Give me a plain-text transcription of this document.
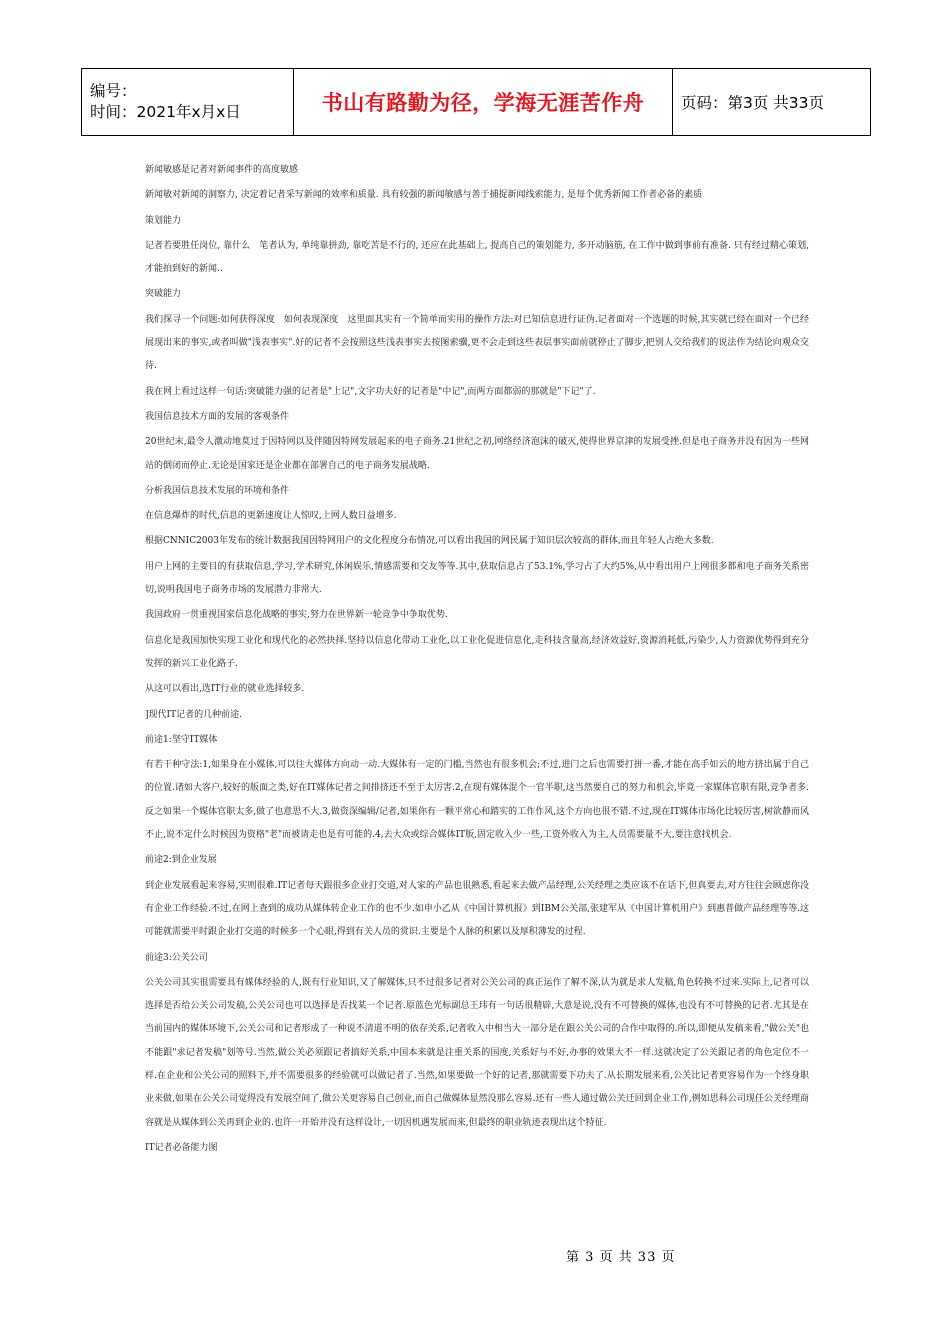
编号：
时间：2021年x月x日	书山有路勤为径，学海无涯苦作舟	页码：第3页 共33页

新闻敏感是记者对新闻事件的高度敏感

新闻敏对新闻的洞察力, 决定着记者采写新闻的效率和质量. 具有较强的新闻敏感与善于捕捉新闻线索能力, 是每个优秀新闻工作者必备的素质

策划能力

记者若要胜任岗位, 靠什么　笔者认为, 单纯靠拼劲, 靠吃苦是不行的, 还应在此基础上, 提高自己的策划能力, 多开动脑筋, 在工作中做到事前有准备. 只有经过精心策划, 才能拍到好的新闻..

突破能力

我们探寻一个问题:如何获得深度　如何表现深度　这里面其实有一个简单而实用的操作方法:对已知信息进行证伪.记者面对一个选题的时候,其实就已经在面对一个已经展现出来的事实,或者叫做"浅表事实".好的记者不会按照这些浅表事实去按图索骥,更不会走到这些表层事实面前就停止了脚步,把别人交给我们的说法作为结论向观众交待.

我在网上看过这样一句话:突破能力强的记者是"上记",文字功夫好的记者是"中记",而两方面都弱的那就是"下记"了.

我国信息技术方面的发展的客观条件

20世纪末,最令人激动地莫过于因特网以及伴随因特网发展起来的电子商务.21世纪之初,网络经济泡沫的破灭,使得世界京津的发展受挫.但是电子商务并没有因为一些网站的倒闭而停止.无论是国家还是企业都在部署自己的电子商务发展战略.

分析我国信息技术发展的环境和条件

在信息爆炸的时代,信息的更新速度让人惊叹,上网人数日益增多.

根据CNNIC2003年发布的统计数据我国因特网用户的文化程度分布情况,可以看出我国的网民属于知识层次较高的群体,而且年轻人占绝大多数.

用户上网的主要目的有获取信息,学习,学术研究,休闲娱乐,情感需要和交友等等.其中,获取信息占了53.1%,学习占了大约5%,从中看出用户上网很多都和电子商务关系密切,说明我国电子商务市场的发展潜力非常大.

我国政府一贯重视国家信息化战略的事实,努力在世界新一轮竞争中争取优势.

信息化是我国加快实现工业化和现代化的必然抉择.坚持以信息化带动工业化,以工业化促进信息化,走科技含量高,经济效益好,资源消耗低,污染少,人力资源优势得到充分发挥的新兴工业化路子.

从这可以看出,选IT行业的就业选择较多.

]现代IT记者的几种前途.

前途1:坚守IT媒体

有若干种守法:1,如果身在小媒体,可以往大媒体方向动一动.大媒体有一定的门槛,当然也有很多机会;不过,进门之后也需要打拼一番,才能在高手如云的地方挤出属于自己的位置.诸如大客户,较好的版面之类,好在IT媒体记者之间排挤还不至于太厉害.2,在现有媒体混个一官半职,这当然要自己的努力和机会,毕竟一家媒体官职有限,竞争者多.反之如果一个媒体官职太多,做了也意思不大.3,做资深编辑/记者,如果你有一颗平常心和踏实的工作作风,这个方向也很不错.不过,现在IT媒体市场化比较厉害,树欲静而风不止,说不定什么时候因为资格"老"而被请走也是有可能的.4,去大众或综合媒体IT版,固定收入少一些,工资外收入为主,人员需要量不大,要注意找机会.

前途2:到企业发展

到企业发展看起来容易,实则很难.IT记者每天跟很多企业打交道,对人家的产品也很熟悉,看起来去做产品经理,公关经理之类应该不在话下,但真要去,对方往往会顾虑你没有企业工作经验.不过,在网上查到的成功从媒体转企业工作的也不少.如申小乙从《中国计算机报》到IBM公关部,张建军从《中国计算机用户》到惠普做产品经理等等.这可能就需要平时跟企业打交道的时候多一个心眼,得到有关人员的赏识.主要是个人脉的积累以及厚积薄发的过程.

前途3:公关公司

公关公司其实很需要具有媒体经验的人,既有行业知识,又了解媒体,只不过很多记者对公关公司的真正运作了解不深,认为就是求人发稿,角色转换不过来.实际上,记者可以选择是否给公关公司发稿,公关公司也可以选择是否找某一个记者.原蓝色光标副总王玮有一句话很精辟,大意是说,没有不可替换的媒体,也没有不可替换的记者.尤其是在当前国内的媒体环境下,公关公司和记者形成了一种说不清道不明的依存关系,记者收入中相当大一部分是在跟公关公司的合作中取得的.所以,即便从发稿来看,"做公关"也不能跟"求记者发稿"划等号.当然,做公关必须跟记者搞好关系,中国本来就是注重关系的国度,关系好与不好,办事的效果大不一样.这就决定了公关跟记者的角色定位不一样.在企业和公关公司的照料下,并不需要很多的经验就可以做记者了.当然,如果要做一个好的记者,那就需要下功夫了.从长期发展来看,公关比记者更容易作为一个终身职业来做,如果在公关公司觉得没有发展空间了,做公关更容易自己创业,而自己做媒体显然没那么容易.还有一些人通过做公关迁回到企业工作,例如思科公司现任公关经理商容就是从媒体到公关再到企业的.也许一开始并没有这样设计,一切因机遇发展而来,但最终的职业轨迹表现出这个特征.

IT记者必备能力图

第 3 页 共 33 页
